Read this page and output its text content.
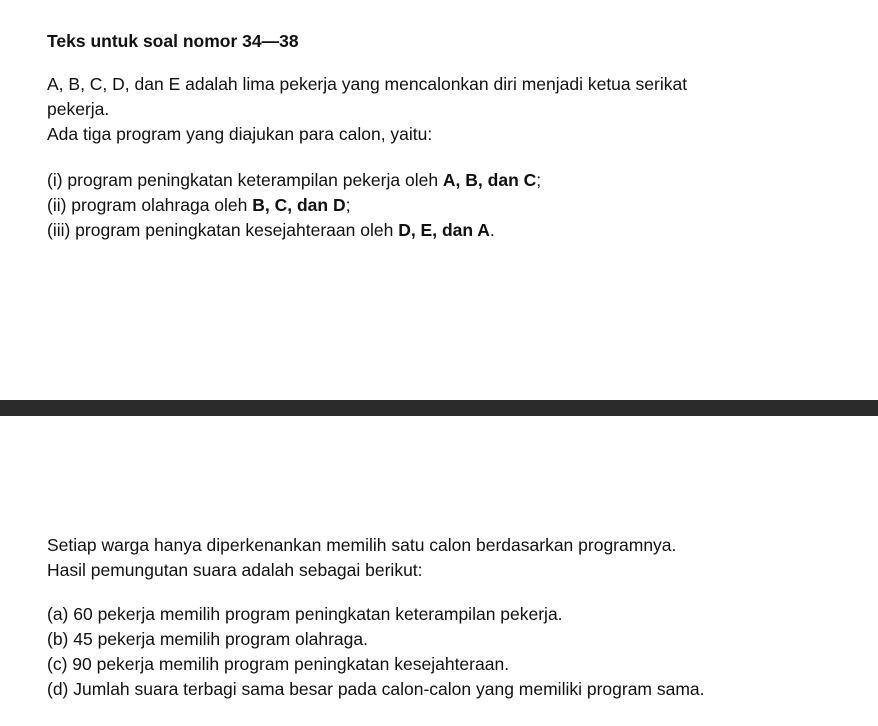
Teks untuk soal nomor 34—38

A, B, C, D, dan E adalah lima pekerja yang mencalonkan diri menjadi ketua serikat
pekerja.

Ada tiga program yang diajukan para calon, yaitu:

(i) program peningkatan keterampilan pekerja oleh A, B, dan C;
(ii) program olahraga oleh B, C, dan D;
(iii) program peningkatan kesejahteraan oleh D, E, dan A.

Setiap warga hanya diperkenankan memilih satu calon berdasarkan programnya.
Hasil pemungutan suara adalah sebagai berikut:

(a) 60 pekerja memilih program peningkatan keterampilan pekerja.
(b) 45 pekerja memilih program olahraga.
(c) 90 pekerja memilih program peningkatan kesejahteraan.
(d) Jumlah suara terbagi sama besar pada calon-calon yang memiliki program sama.
